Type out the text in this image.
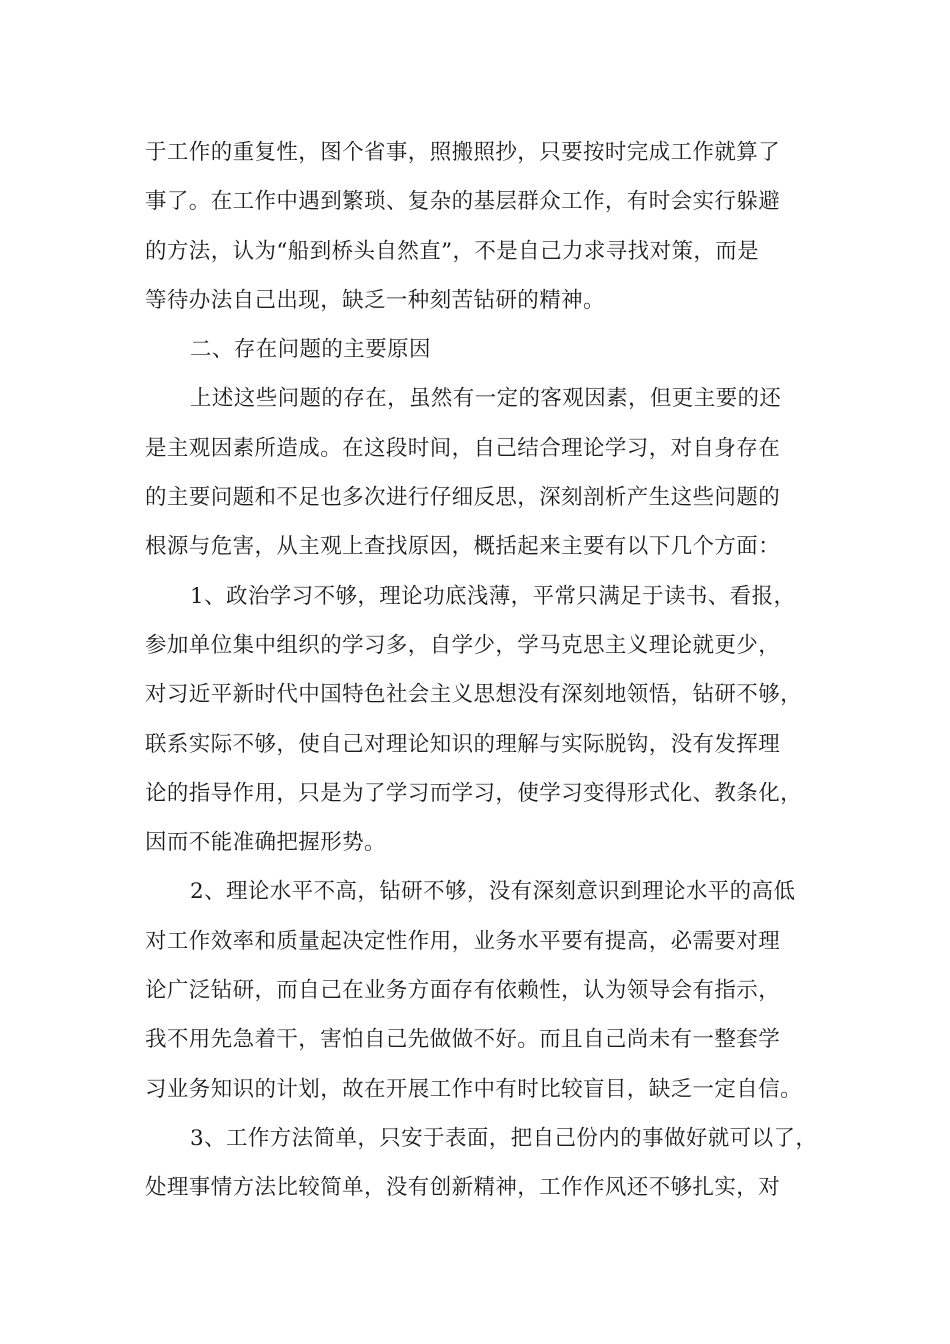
于工作的重复性，图个省事，照搬照抄，只要按时完成工作就算了
事了。在工作中遇到繁琐、复杂的基层群众工作，有时会实行躲避
的方法，认为“船到桥头自然直”，不是自己力求寻找对策，而是
等待办法自己出现，缺乏一种刻苦钻研的精神。
二、存在问题的主要原因
上述这些问题的存在，虽然有一定的客观因素，但更主要的还
是主观因素所造成。在这段时间，自己结合理论学习，对自身存在
的主要问题和不足也多次进行仔细反思，深刻剖析产生这些问题的
根源与危害，从主观上查找原因，概括起来主要有以下几个方面：
1、政治学习不够，理论功底浅薄，平常只满足于读书、看报，
参加单位集中组织的学习多，自学少，学马克思主义理论就更少，
对习近平新时代中国特色社会主义思想没有深刻地领悟，钻研不够，
联系实际不够，使自己对理论知识的理解与实际脱钩，没有发挥理
论的指导作用，只是为了学习而学习，使学习变得形式化、教条化，
因而不能准确把握形势。
2、理论水平不高，钻研不够，没有深刻意识到理论水平的高低
对工作效率和质量起决定性作用，业务水平要有提高，必需要对理
论广泛钻研，而自己在业务方面存有依赖性，认为领导会有指示，
我不用先急着干，害怕自己先做做不好。而且自己尚未有一整套学
习业务知识的计划，故在开展工作中有时比较盲目，缺乏一定自信。
3、工作方法简单，只安于表面，把自己份内的事做好就可以了，
处理事情方法比较简单，没有创新精神，工作作风还不够扎实，对
